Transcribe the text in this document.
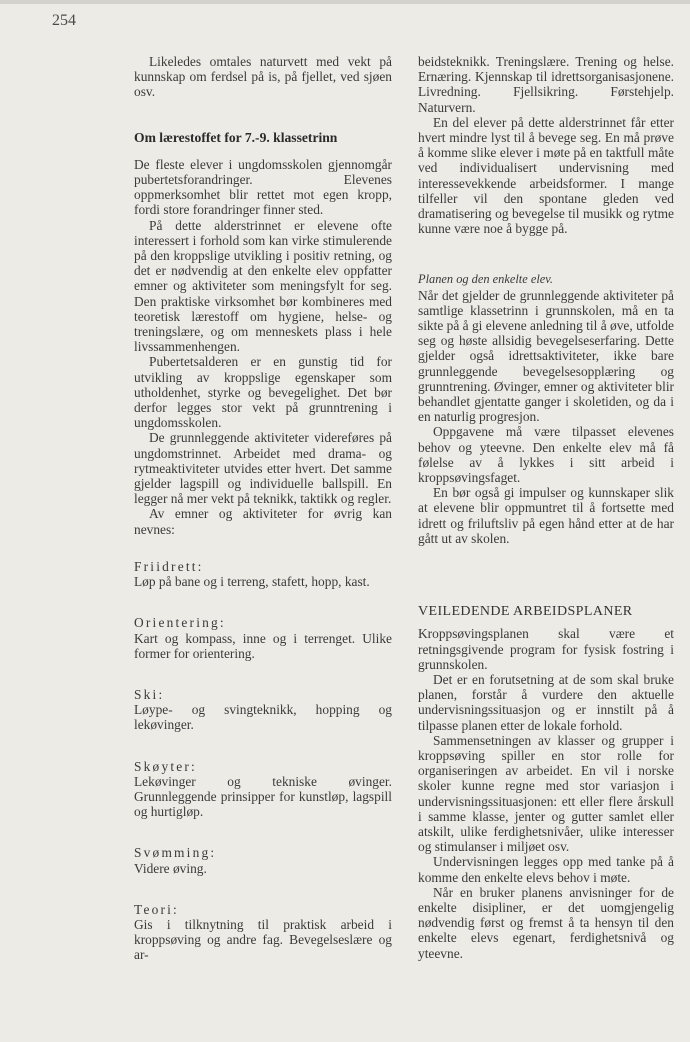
254

Likeledes omtales naturvett med vekt på kunnskap om ferdsel på is, på fjellet, ved sjøen osv.

Om lærestoffet for 7.-9. klassetrinn

De fleste elever i ungdomsskolen gjennomgår pubertetsforandringer. Elevenes oppmerksomhet blir rettet mot egen kropp, fordi store forandringer finner sted.

På dette alderstrinnet er elevene ofte interessert i forhold som kan virke stimulerende på den kroppslige utvikling i positiv retning, og det er nødvendig at den enkelte elev oppfatter emner og aktiviteter som meningsfylt for seg. Den praktiske virksomhet bør kombineres med teoretisk lærestoff om hygiene, helse- og treningslære, og om menneskets plass i hele livssammenhengen.

Pubertetsalderen er en gunstig tid for utvikling av kroppslige egenskaper som utholdenhet, styrke og bevegelighet. Det bør derfor legges stor vekt på grunntrening i ungdomsskolen.

De grunnleggende aktiviteter videreføres på ungdomstrinnet. Arbeidet med drama- og rytmeaktiviteter utvides etter hvert. Det samme gjelder lagspill og individuelle ballspill. En legger nå mer vekt på teknikk, taktikk og regler.

Av emner og aktiviteter for øvrig kan nevnes:

Friidrett:
Løp på bane og i terreng, stafett, hopp, kast.
Orientering:
Kart og kompass, inne og i terrenget. Ulike former for orientering.
Ski:
Løype- og svingteknikk, hopping og lekøvinger.
Skøyter:
Lekøvinger og tekniske øvinger. Grunnleggende prinsipper for kunstløp, lagspill og hurtigløp.
Svømming:
Videre øving.
Teori:
Gis i tilknytning til praktisk arbeid i kroppsøving og andre fag. Bevegelseslære og ar-

beidsteknikk. Treningslære. Trening og helse. Ernæring. Kjennskap til idrettsorganisasjonene. Livredning. Fjellsikring. Førstehjelp. Naturvern.

En del elever på dette alderstrinnet får etter hvert mindre lyst til å bevege seg. En må prøve å komme slike elever i møte på en taktfull måte ved individualisert undervisning med interessevekkende arbeidsformer. I mange tilfeller vil den spontane gleden ved dramatisering og bevegelse til musikk og rytme kunne være noe å bygge på.

Planen og den enkelte elev.

Når det gjelder de grunnleggende aktiviteter på samtlige klassetrinn i grunnskolen, må en ta sikte på å gi elevene anledning til å øve, utfolde seg og høste allsidig bevegelseserfaring. Dette gjelder også idrettsaktiviteter, ikke bare grunnleggende bevegelsesopplæring og grunntrening. Øvinger, emner og aktiviteter blir behandlet gjentatte ganger i skoletiden, og da i en naturlig progresjon.

Oppgavene må være tilpasset elevenes behov og yteevne. Den enkelte elev må få følelse av å lykkes i sitt arbeid i kroppsøvingsfaget.

En bør også gi impulser og kunnskaper slik at elevene blir oppmuntret til å fortsette med idrett og friluftsliv på egen hånd etter at de har gått ut av skolen.

VEILEDENDE ARBEIDSPLANER

Kroppsøvingsplanen skal være et retningsgivende program for fysisk fostring i grunnskolen.

Det er en forutsetning at de som skal bruke planen, forstår å vurdere den aktuelle undervisningssituasjon og er innstilt på å tilpasse planen etter de lokale forhold.

Sammensetningen av klasser og grupper i kroppsøving spiller en stor rolle for organiseringen av arbeidet. En vil i norske skoler kunne regne med stor variasjon i undervisningssituasjonen: ett eller flere årskull i samme klasse, jenter og gutter samlet eller atskilt, ulike ferdighetsnivåer, ulike interesser og stimulanser i miljøet osv.

Undervisningen legges opp med tanke på å komme den enkelte elevs behov i møte.

Når en bruker planens anvisninger for de enkelte disipliner, er det uomgjengelig nødvendig først og fremst å ta hensyn til den enkelte elevs egenart, ferdighetsnivå og yteevne.
